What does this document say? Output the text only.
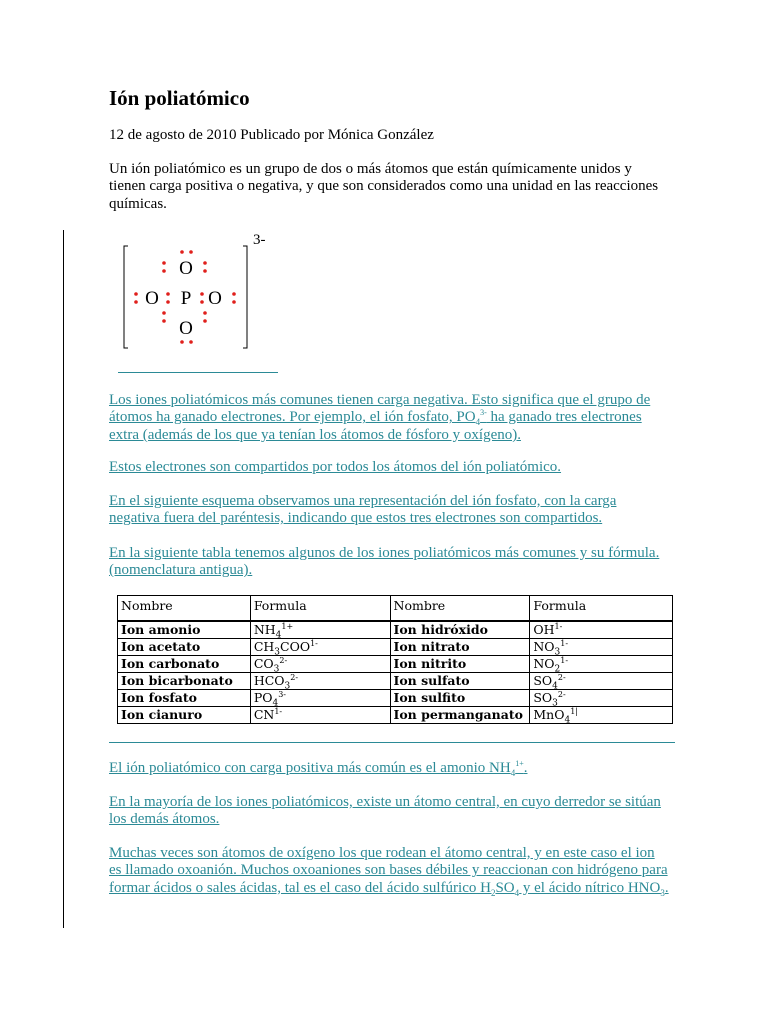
Ión poliatómico

12 de agosto de 2010 Publicado por Mónica González

Un ión poliatómico es un grupo de dos o más átomos que están químicamente unidos y tienen carga positiva o negativa, y que son considerados como una unidad en las reacciones químicas.

3-
O
O P O
O

Los iones poliatómicos más comunes tienen carga negativa. Esto significa que el grupo de átomos ha ganado electrones. Por ejemplo, el ión fosfato, $PO_4^{3-}$ ha ganado tres electrones extra (además de los que ya tenían los átomos de fósforo y oxígeno).

Estos electrones son compartidos por todos los átomos del ión poliatómico.

En el siguiente esquema observamos una representación del ión fosfato, con la carga negativa fuera del paréntesis, indicando que estos tres electrones son compartidos.

En la siguiente tabla tenemos algunos de los iones poliatómicos más comunes y su fórmula. (nomenclatura antigua).

Nombre	Formula	Nombre	Formula
Ion amonio	$NH_4^{1+}$	Ion hidróxido	$OH^{1-}$
Ion acetato	$CH_3COO^{1-}$	Ion nitrato	$NO_3^{1-}$
Ion carbonato	$CO_3^{2-}$	Ion nitrito	$NO_2^{1-}$
Ion bicarbonato	$HCO_3^{2-}$	Ion sulfato	$SO_4^{2-}$
Ion fosfato	$PO_4^{3-}$	Ion sulfito	$SO_3^{2-}$
Ion cianuro	$CN^{1-}$	Ion permanganato	MnO$_4^{1|}$

El ión poliatómico con carga positiva más común es el amonio $NH_4^{1+}$.

En la mayoría de los iones poliatómicos, existe un átomo central, en cuyo derredor se sitúan los demás átomos.

Muchas veces son átomos de oxígeno los que rodean el átomo central, y en este caso el ion es llamado oxoanión. Muchos oxoaniones son bases débiles y reaccionan con hidrógeno para formar ácidos o sales ácidas, tal es el caso del ácido sulfúrico $H_2SO_4$ y el ácido nítrico $HNO_3$.
